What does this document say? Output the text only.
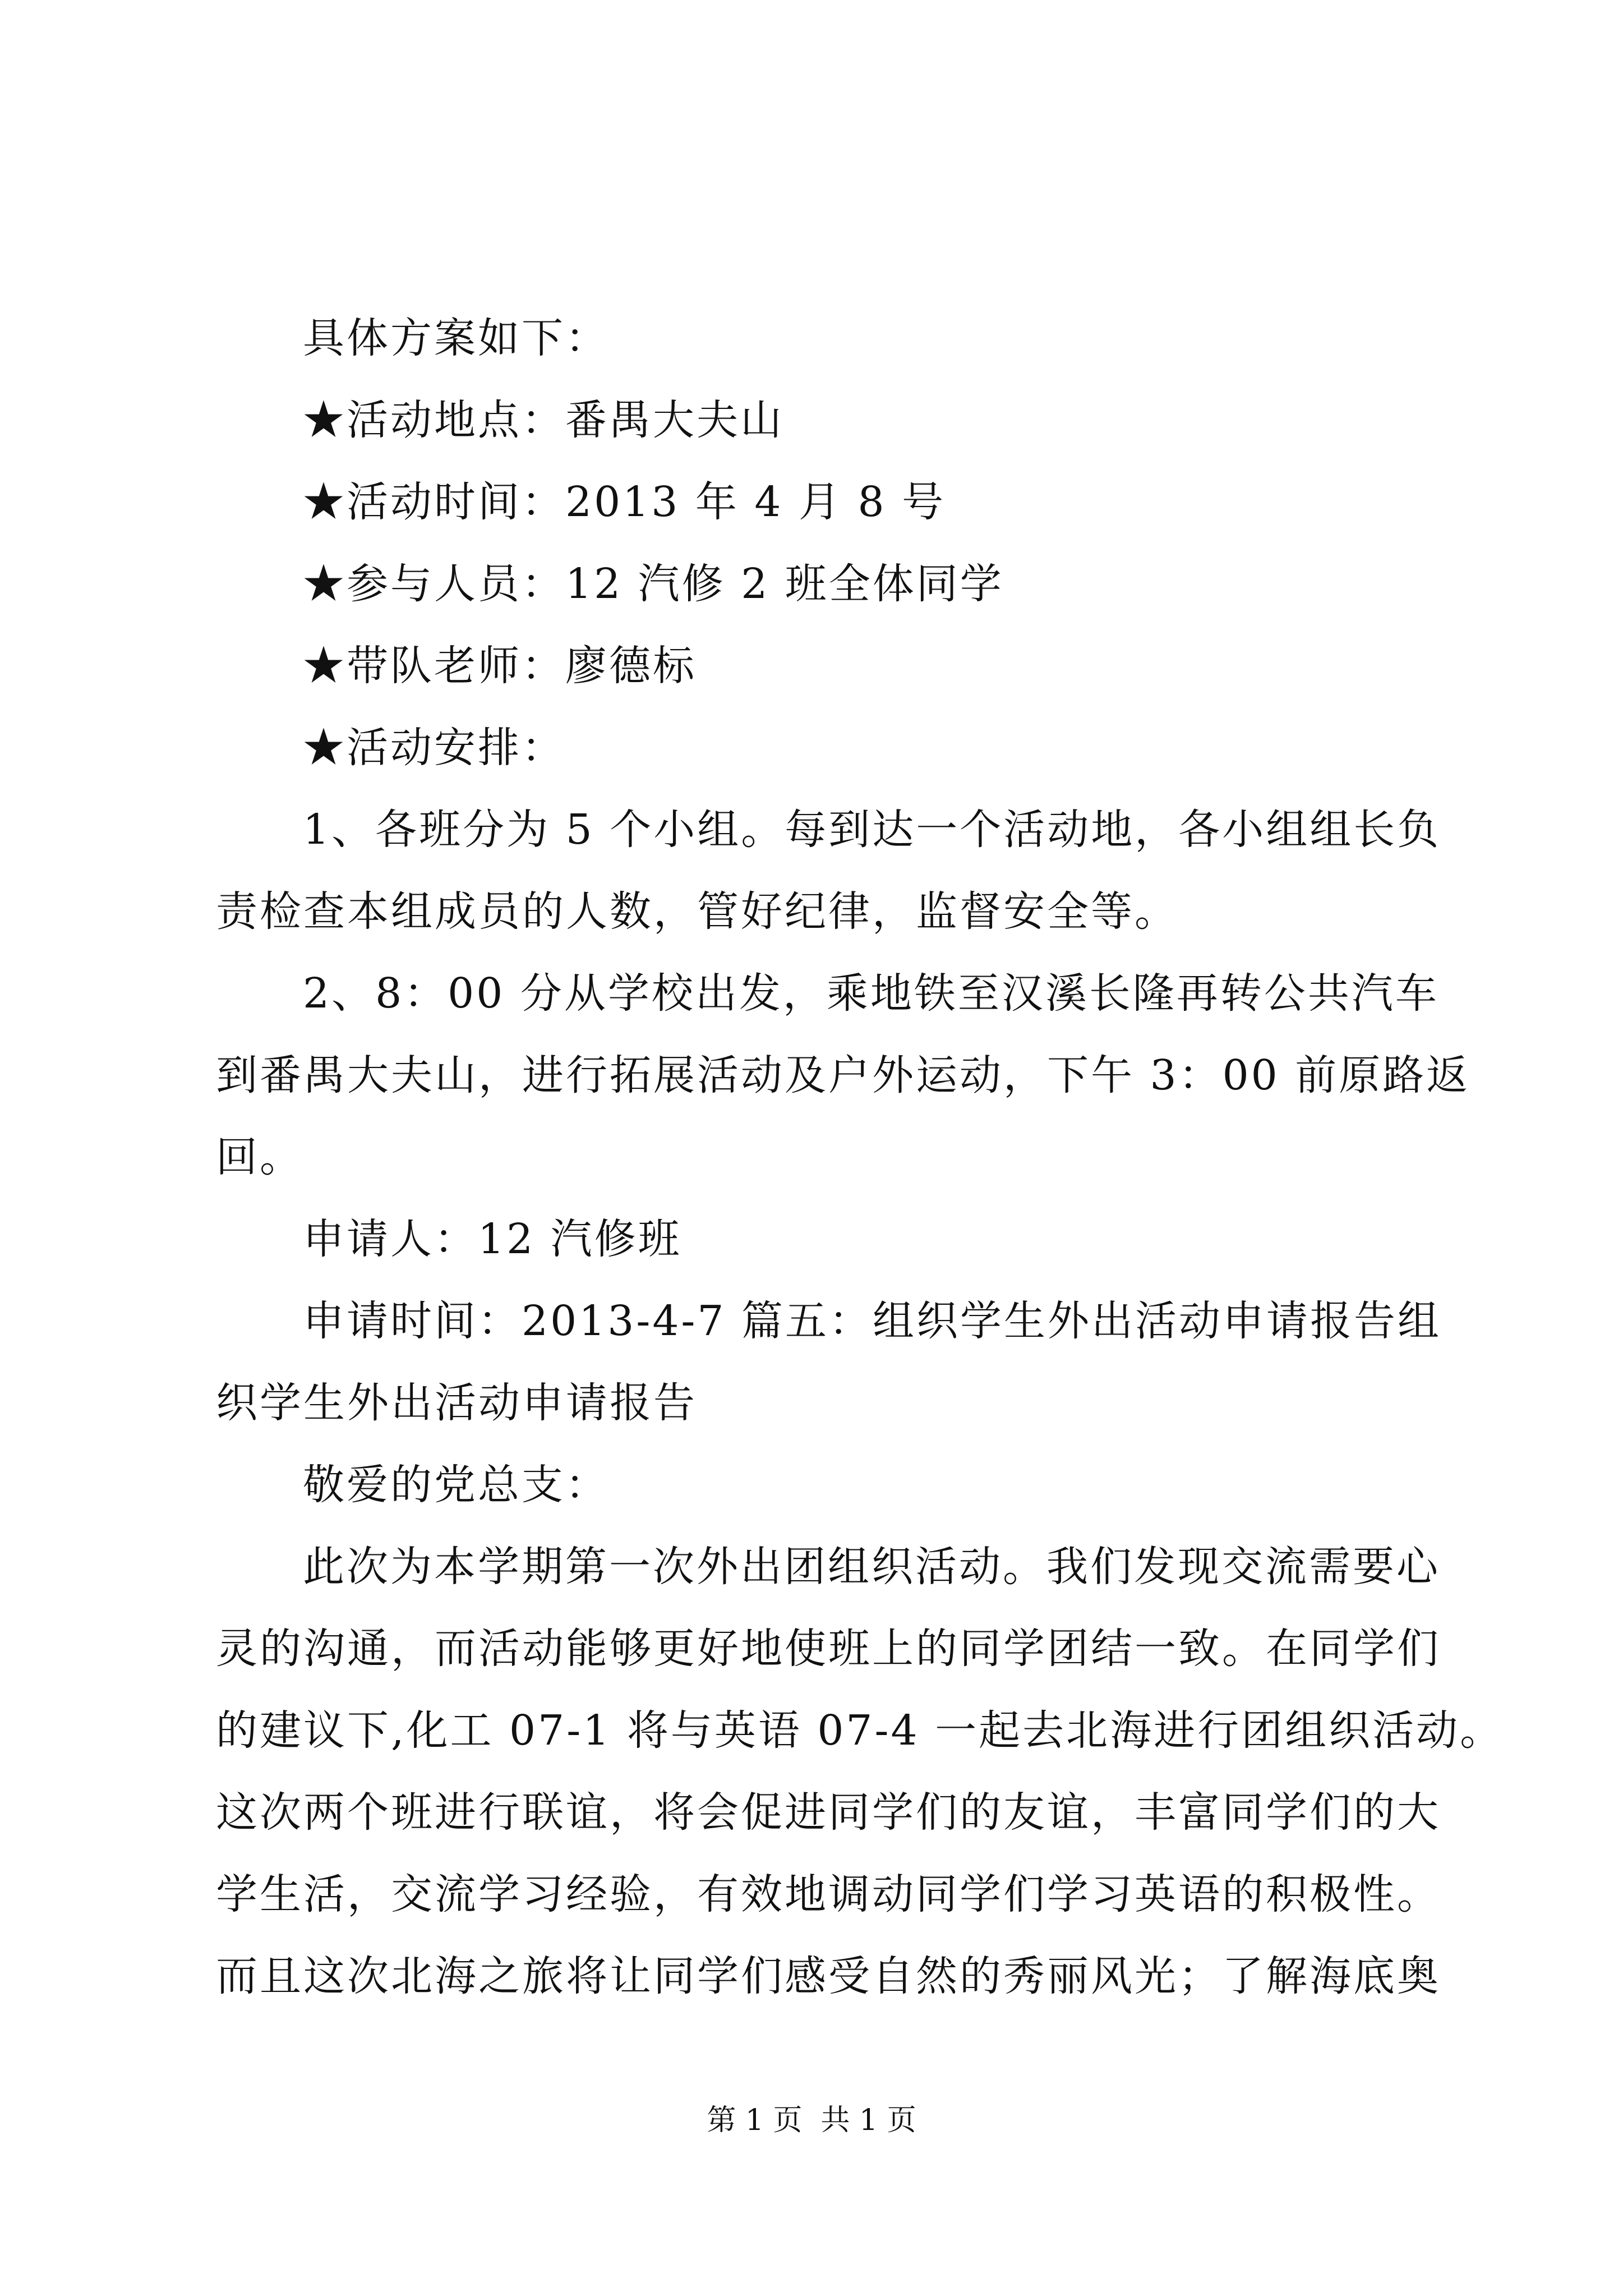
具体方案如下：
★活动地点：番禺大夫山
★活动时间：2013 年 4 月 8 号
★参与人员：12 汽修 2 班全体同学
★带队老师：廖德标
★活动安排：
1、各班分为 5 个小组。每到达一个活动地，各小组组长负
责检查本组成员的人数，管好纪律，监督安全等。
2、8：00 分从学校出发，乘地铁至汉溪长隆再转公共汽车
到番禺大夫山，进行拓展活动及户外运动，下午 3：00 前原路返
回。
申请人：12 汽修班
申请时间：2013-4-7 篇五：组织学生外出活动申请报告组
织学生外出活动申请报告
敬爱的党总支：
此次为本学期第一次外出团组织活动。我们发现交流需要心
灵的沟通，而活动能够更好地使班上的同学团结一致。在同学们
的建议下,化工 07-1 将与英语 07-4 一起去北海进行团组织活动。
这次两个班进行联谊，将会促进同学们的友谊，丰富同学们的大
学生活，交流学习经验，有效地调动同学们学习英语的积极性。
而且这次北海之旅将让同学们感受自然的秀丽风光；了解海底奥
第 1 页  共 1 页
